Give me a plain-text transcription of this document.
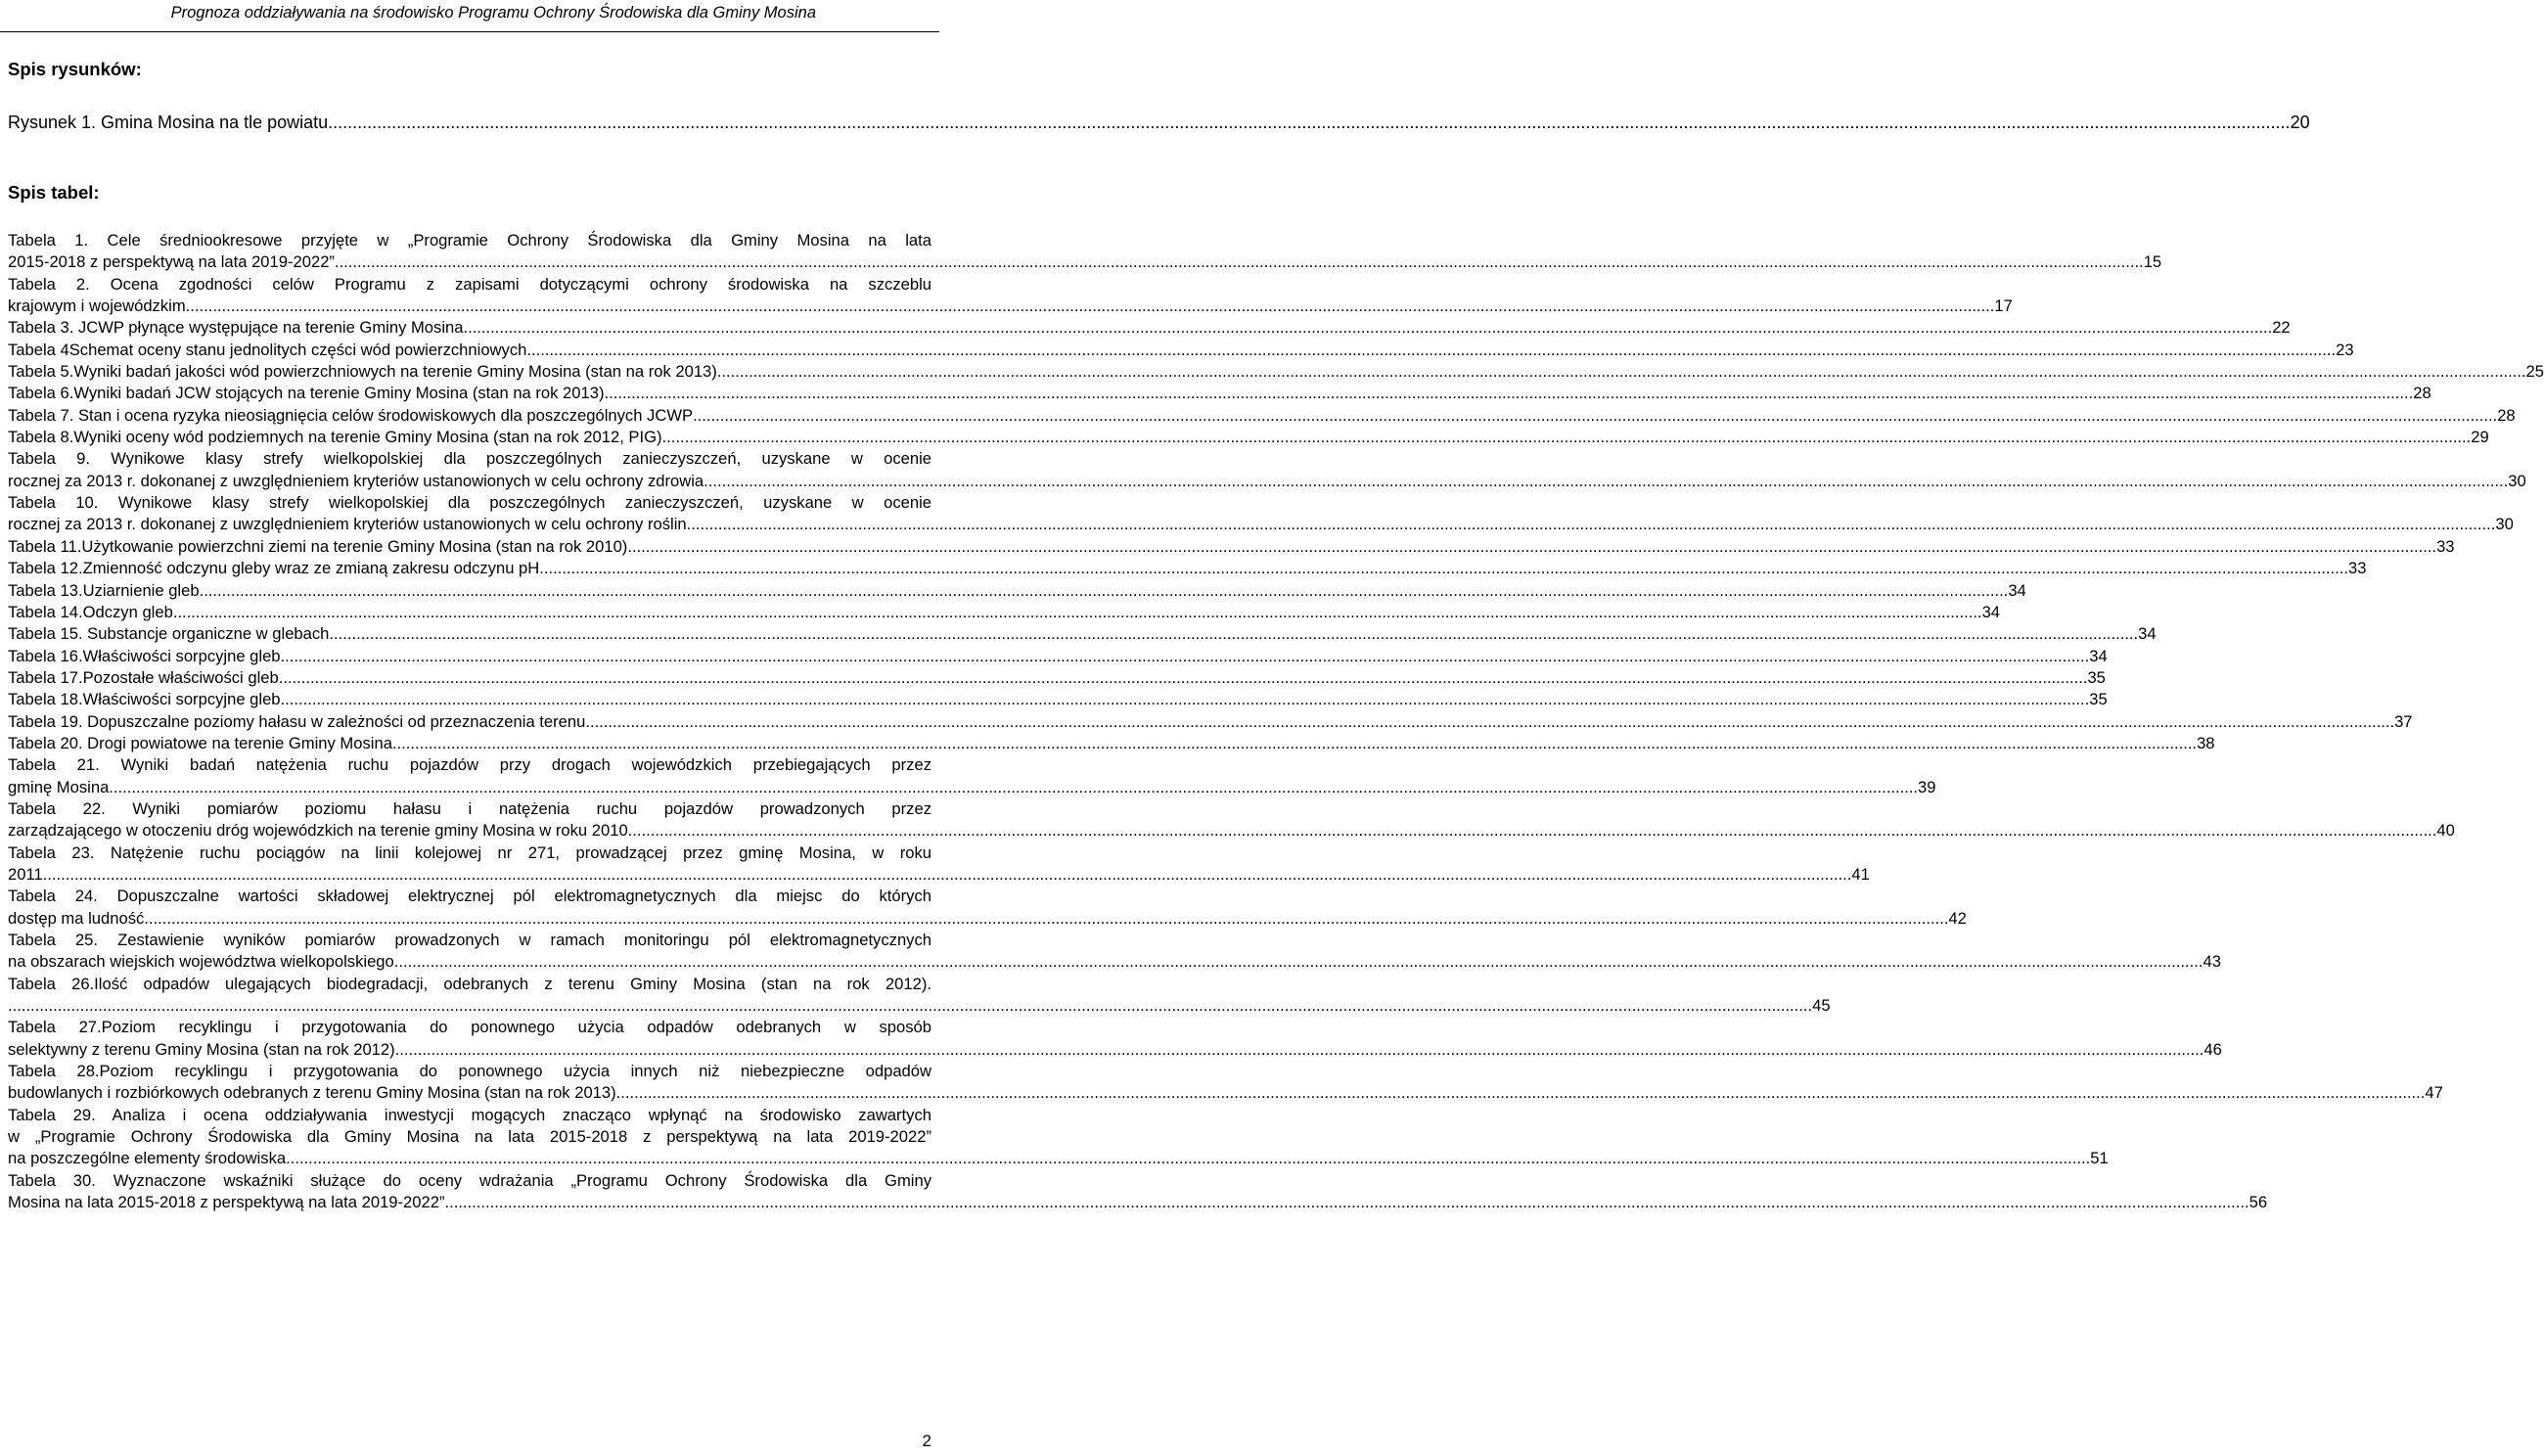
Prognoza oddziaływania na środowisko Programu Ochrony Środowiska dla Gminy Mosina
Spis rysunków:
Rysunek 1. Gmina Mosina na tle powiatu. ................................................................................................................................................................................................................................................................................................................................................................................................................ 20
Spis tabel:
Tabela 1. Cele średniookresowe przyjęte w „Programie Ochrony Środowiska dla Gminy Mosina na lata
2015-2018 z perspektywą na lata 2019-2022”. ................................................................................................................................................................................................................................................................................................................................................................................................................ 15
Tabela 2. Ocena zgodności celów Programu z zapisami dotyczącymi ochrony środowiska na szczeblu
krajowym i wojewódzkim. ................................................................................................................................................................................................................................................................................................................................................................................................................ 17
Tabela 3. JCWP płynące występujące na terenie Gminy Mosina. ................................................................................................................................................................................................................................................................................................................................................................................................................ 22
Tabela 4Schemat oceny stanu jednolitych części wód powierzchniowych. ................................................................................................................................................................................................................................................................................................................................................................................................................ 23
Tabela 5.Wyniki badań jakości wód powierzchniowych na terenie Gminy Mosina (stan na rok 2013). ................................................................................................................................................................................................................................................................................................................................................................................................................ 25
Tabela 6.Wyniki badań JCW stojących na terenie Gminy Mosina (stan na rok 2013). ................................................................................................................................................................................................................................................................................................................................................................................................................ 28
Tabela 7. Stan i ocena ryzyka nieosiągnięcia celów środowiskowych dla poszczególnych JCWP ................................................................................................................................................................................................................................................................................................................................................................................................................ 28
Tabela 8.Wyniki oceny wód podziemnych na terenie Gminy Mosina (stan na rok 2012, PIG). ................................................................................................................................................................................................................................................................................................................................................................................................................ 29
Tabela 9. Wynikowe klasy strefy wielkopolskiej dla poszczególnych zanieczyszczeń, uzyskane w ocenie
rocznej za 2013 r. dokonanej z uwzględnieniem kryteriów ustanowionych w celu ochrony zdrowia ................................................................................................................................................................................................................................................................................................................................................................................................................ 30
Tabela 10. Wynikowe klasy strefy wielkopolskiej dla poszczególnych zanieczyszczeń, uzyskane w ocenie
rocznej za 2013 r. dokonanej z uwzględnieniem kryteriów ustanowionych w celu ochrony roślin. ................................................................................................................................................................................................................................................................................................................................................................................................................ 30
Tabela 11.Użytkowanie powierzchni ziemi na terenie Gminy Mosina (stan na rok 2010). ................................................................................................................................................................................................................................................................................................................................................................................................................ 33
Tabela 12.Zmienność odczynu gleby wraz ze zmianą zakresu odczynu pH. ................................................................................................................................................................................................................................................................................................................................................................................................................ 33
Tabela 13.Uziarnienie gleb. ................................................................................................................................................................................................................................................................................................................................................................................................................ 34
Tabela 14.Odczyn gleb. ................................................................................................................................................................................................................................................................................................................................................................................................................ 34
Tabela 15. Substancje organiczne w glebach. ................................................................................................................................................................................................................................................................................................................................................................................................................ 34
Tabela 16.Właściwości sorpcyjne gleb. ................................................................................................................................................................................................................................................................................................................................................................................................................ 34
Tabela 17.Pozostałe właściwości gleb. ................................................................................................................................................................................................................................................................................................................................................................................................................ 35
Tabela 18.Właściwości sorpcyjne gleb. ................................................................................................................................................................................................................................................................................................................................................................................................................ 35
Tabela 19. Dopuszczalne poziomy hałasu w zależności od przeznaczenia terenu. ................................................................................................................................................................................................................................................................................................................................................................................................................ 37
Tabela 20. Drogi powiatowe na terenie Gminy Mosina ................................................................................................................................................................................................................................................................................................................................................................................................................ 38
Tabela 21. Wyniki badań natężenia ruchu pojazdów przy drogach wojewódzkich przebiegających przez
gminę Mosina. ................................................................................................................................................................................................................................................................................................................................................................................................................ 39
Tabela 22. Wyniki pomiarów poziomu hałasu i natężenia ruchu pojazdów prowadzonych przez
zarządzającego w otoczeniu dróg wojewódzkich na terenie gminy Mosina w roku 2010. ................................................................................................................................................................................................................................................................................................................................................................................................................ 40
Tabela 23. Natężenie ruchu pociągów na linii kolejowej nr 271, prowadzącej przez gminę Mosina, w roku
2011. ................................................................................................................................................................................................................................................................................................................................................................................................................ 41
Tabela 24. Dopuszczalne wartości składowej elektrycznej pól elektromagnetycznych dla miejsc do których
dostęp ma ludność ................................................................................................................................................................................................................................................................................................................................................................................................................ 42
Tabela 25. Zestawienie wyników pomiarów prowadzonych w ramach monitoringu pól elektromagnetycznych
na obszarach wiejskich województwa wielkopolskiego. ................................................................................................................................................................................................................................................................................................................................................................................................................ 43
Tabela 26.Ilość odpadów ulegających biodegradacji, odebranych z terenu Gminy Mosina (stan na rok 2012).
................................................................................................................................................................................................................................................................................................................................................................................................................ 45
Tabela 27.Poziom recyklingu i przygotowania do ponownego użycia odpadów odebranych w sposób
selektywny z terenu Gminy Mosina (stan na rok 2012). ................................................................................................................................................................................................................................................................................................................................................................................................................ 46
Tabela 28.Poziom recyklingu i przygotowania do ponownego użycia innych niż niebezpieczne odpadów
budowlanych i rozbiórkowych odebranych z terenu Gminy Mosina (stan na rok 2013). ................................................................................................................................................................................................................................................................................................................................................................................................................ 47
Tabela 29. Analiza i ocena oddziaływania inwestycji mogących znacząco wpłynąć na środowisko zawartych
w „Programie Ochrony Środowiska dla Gminy Mosina na lata 2015-2018 z perspektywą na lata 2019-2022”
na poszczególne elementy środowiska ................................................................................................................................................................................................................................................................................................................................................................................................................ 51
Tabela 30. Wyznaczone wskaźniki służące do oceny wdrażania „Programu Ochrony Środowiska dla Gminy
Mosina na lata 2015-2018 z perspektywą na lata 2019-2022” ................................................................................................................................................................................................................................................................................................................................................................................................................ 56
2
